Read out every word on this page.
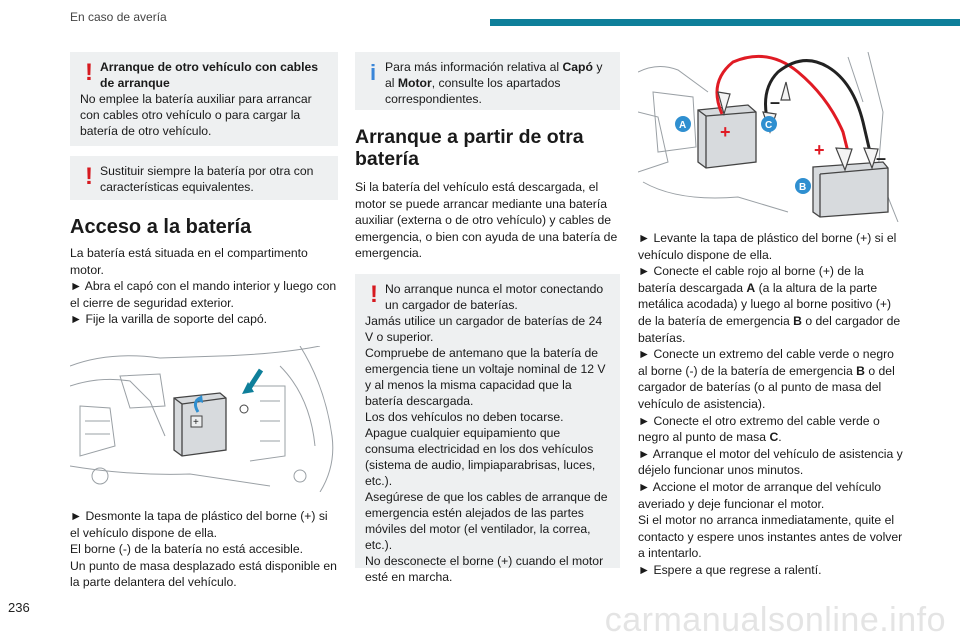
En caso de avería
! Arranque de otro vehículo con cables de arranque
No emplee la batería auxiliar para arrancar con cables otro vehículo o para cargar la batería de otro vehículo.
! Sustituir siempre la batería por otra con características equivalentes.
Acceso a la batería
La batería está situada en el compartimento motor.
► Abra el capó con el mando interior y luego con el cierre de seguridad exterior.
► Fije la varilla de soporte del capó.
+
► Desmonte la tapa de plástico del borne (+) si el vehículo dispone de ella.
El borne (-) de la batería no está accesible.
Un punto de masa desplazado está disponible en la parte delantera del vehículo.
i Para más información relativa al Capó y al Motor, consulte los apartados correspondientes.
Arranque a partir de otra batería
Si la batería del vehículo está descargada, el motor se puede arrancar mediante una batería auxiliar (externa o de otro vehículo) y cables de emergencia, o bien con ayuda de una batería de emergencia.
! No arranque nunca el motor conectando un cargador de baterías.
Jamás utilice un cargador de baterías de 24 V o superior.
Compruebe de antemano que la batería de emergencia tiene un voltaje nominal de 12 V y al menos la misma capacidad que la batería descargada.
Los dos vehículos no deben tocarse.
Apague cualquier equipamiento que consuma electricidad en los dos vehículos (sistema de audio, limpiaparabrisas, luces, etc.).
Asegúrese de que los cables de arranque de emergencia estén alejados de las partes móviles del motor (el ventilador, la correa, etc.).
No desconecte el borne (+) cuando el motor esté en marcha.
A	C
B
+
+
–
–
► Levante la tapa de plástico del borne (+) si el vehículo dispone de ella.
► Conecte el cable rojo al borne (+) de la batería descargada A (a la altura de la parte metálica acodada) y luego al borne positivo (+) de la batería de emergencia B o del cargador de baterías.
► Conecte un extremo del cable verde o negro al borne (-) de la batería de emergencia B o del cargador de baterías (o al punto de masa del vehículo de asistencia).
► Conecte el otro extremo del cable verde o negro al punto de masa C.
► Arranque el motor del vehículo de asistencia y déjelo funcionar unos minutos.
► Accione el motor de arranque del vehículo averiado y deje funcionar el motor.
Si el motor no arranca inmediatamente, quite el contacto y espere unos instantes antes de volver a intentarlo.
► Espere a que regrese a ralentí.
236	carmanualsonline.info
